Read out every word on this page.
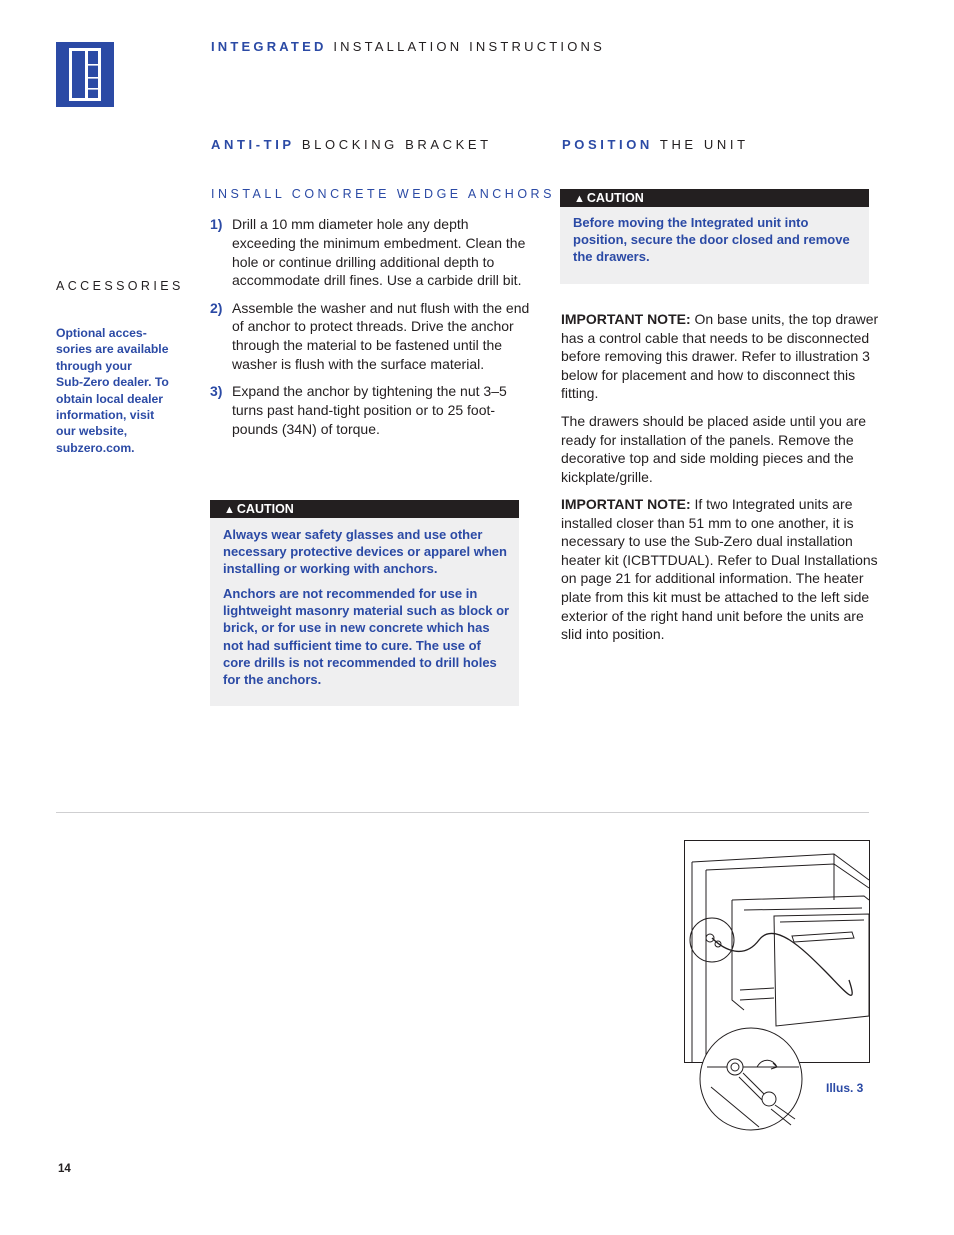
INTEGRATED INSTALLATION INSTRUCTIONS
ANTI-TIP BLOCKING BRACKET	POSITION THE UNIT
INSTALL CONCRETE WEDGE ANCHORS
ACCESSORIES

Optional acces-
sories are available
through your
Sub-Zero dealer. To
obtain local dealer
information, visit
our website,
subzero.com.

1) Drill a 10 mm diameter hole any depth exceeding the minimum embedment. Clean the hole or continue drilling additional depth to accommodate drill fines. Use a carbide drill bit.
2) Assemble the washer and nut flush with the end of anchor to protect threads. Drive the anchor through the material to be fastened until the washer is flush with the surface material.
3) Expand the anchor by tightening the nut 3–5 turns past hand-tight position or to 25 foot-pounds (34N) of torque.
▲ CAUTION

Always wear safety glasses and use other necessary protective devices or apparel when installing or working with anchors.

Anchors are not recommended for use in lightweight masonry material such as block or brick, or for use in new concrete which has not had sufficient time to cure. The use of core drills is not recommended to drill holes for the anchors.

▲ CAUTION

Before moving the Integrated unit into position, secure the door closed and remove the drawers.

IMPORTANT NOTE: On base units, the top drawer has a control cable that needs to be disconnected before removing this drawer. Refer to illustration 3 below for placement and how to disconnect this fitting.

The drawers should be placed aside until you are ready for installation of the panels. Remove the decorative top and side molding pieces and the kickplate/grille.

IMPORTANT NOTE: If two Integrated units are installed closer than 51 mm to one another, it is necessary to use the Sub-Zero dual installation heater kit (ICBTTDUAL). Refer to Dual Installations on page 21 for additional information. The heater plate from this kit must be attached to the left side exterior of the right hand unit before the units are slid into position.

Illus. 3
14
